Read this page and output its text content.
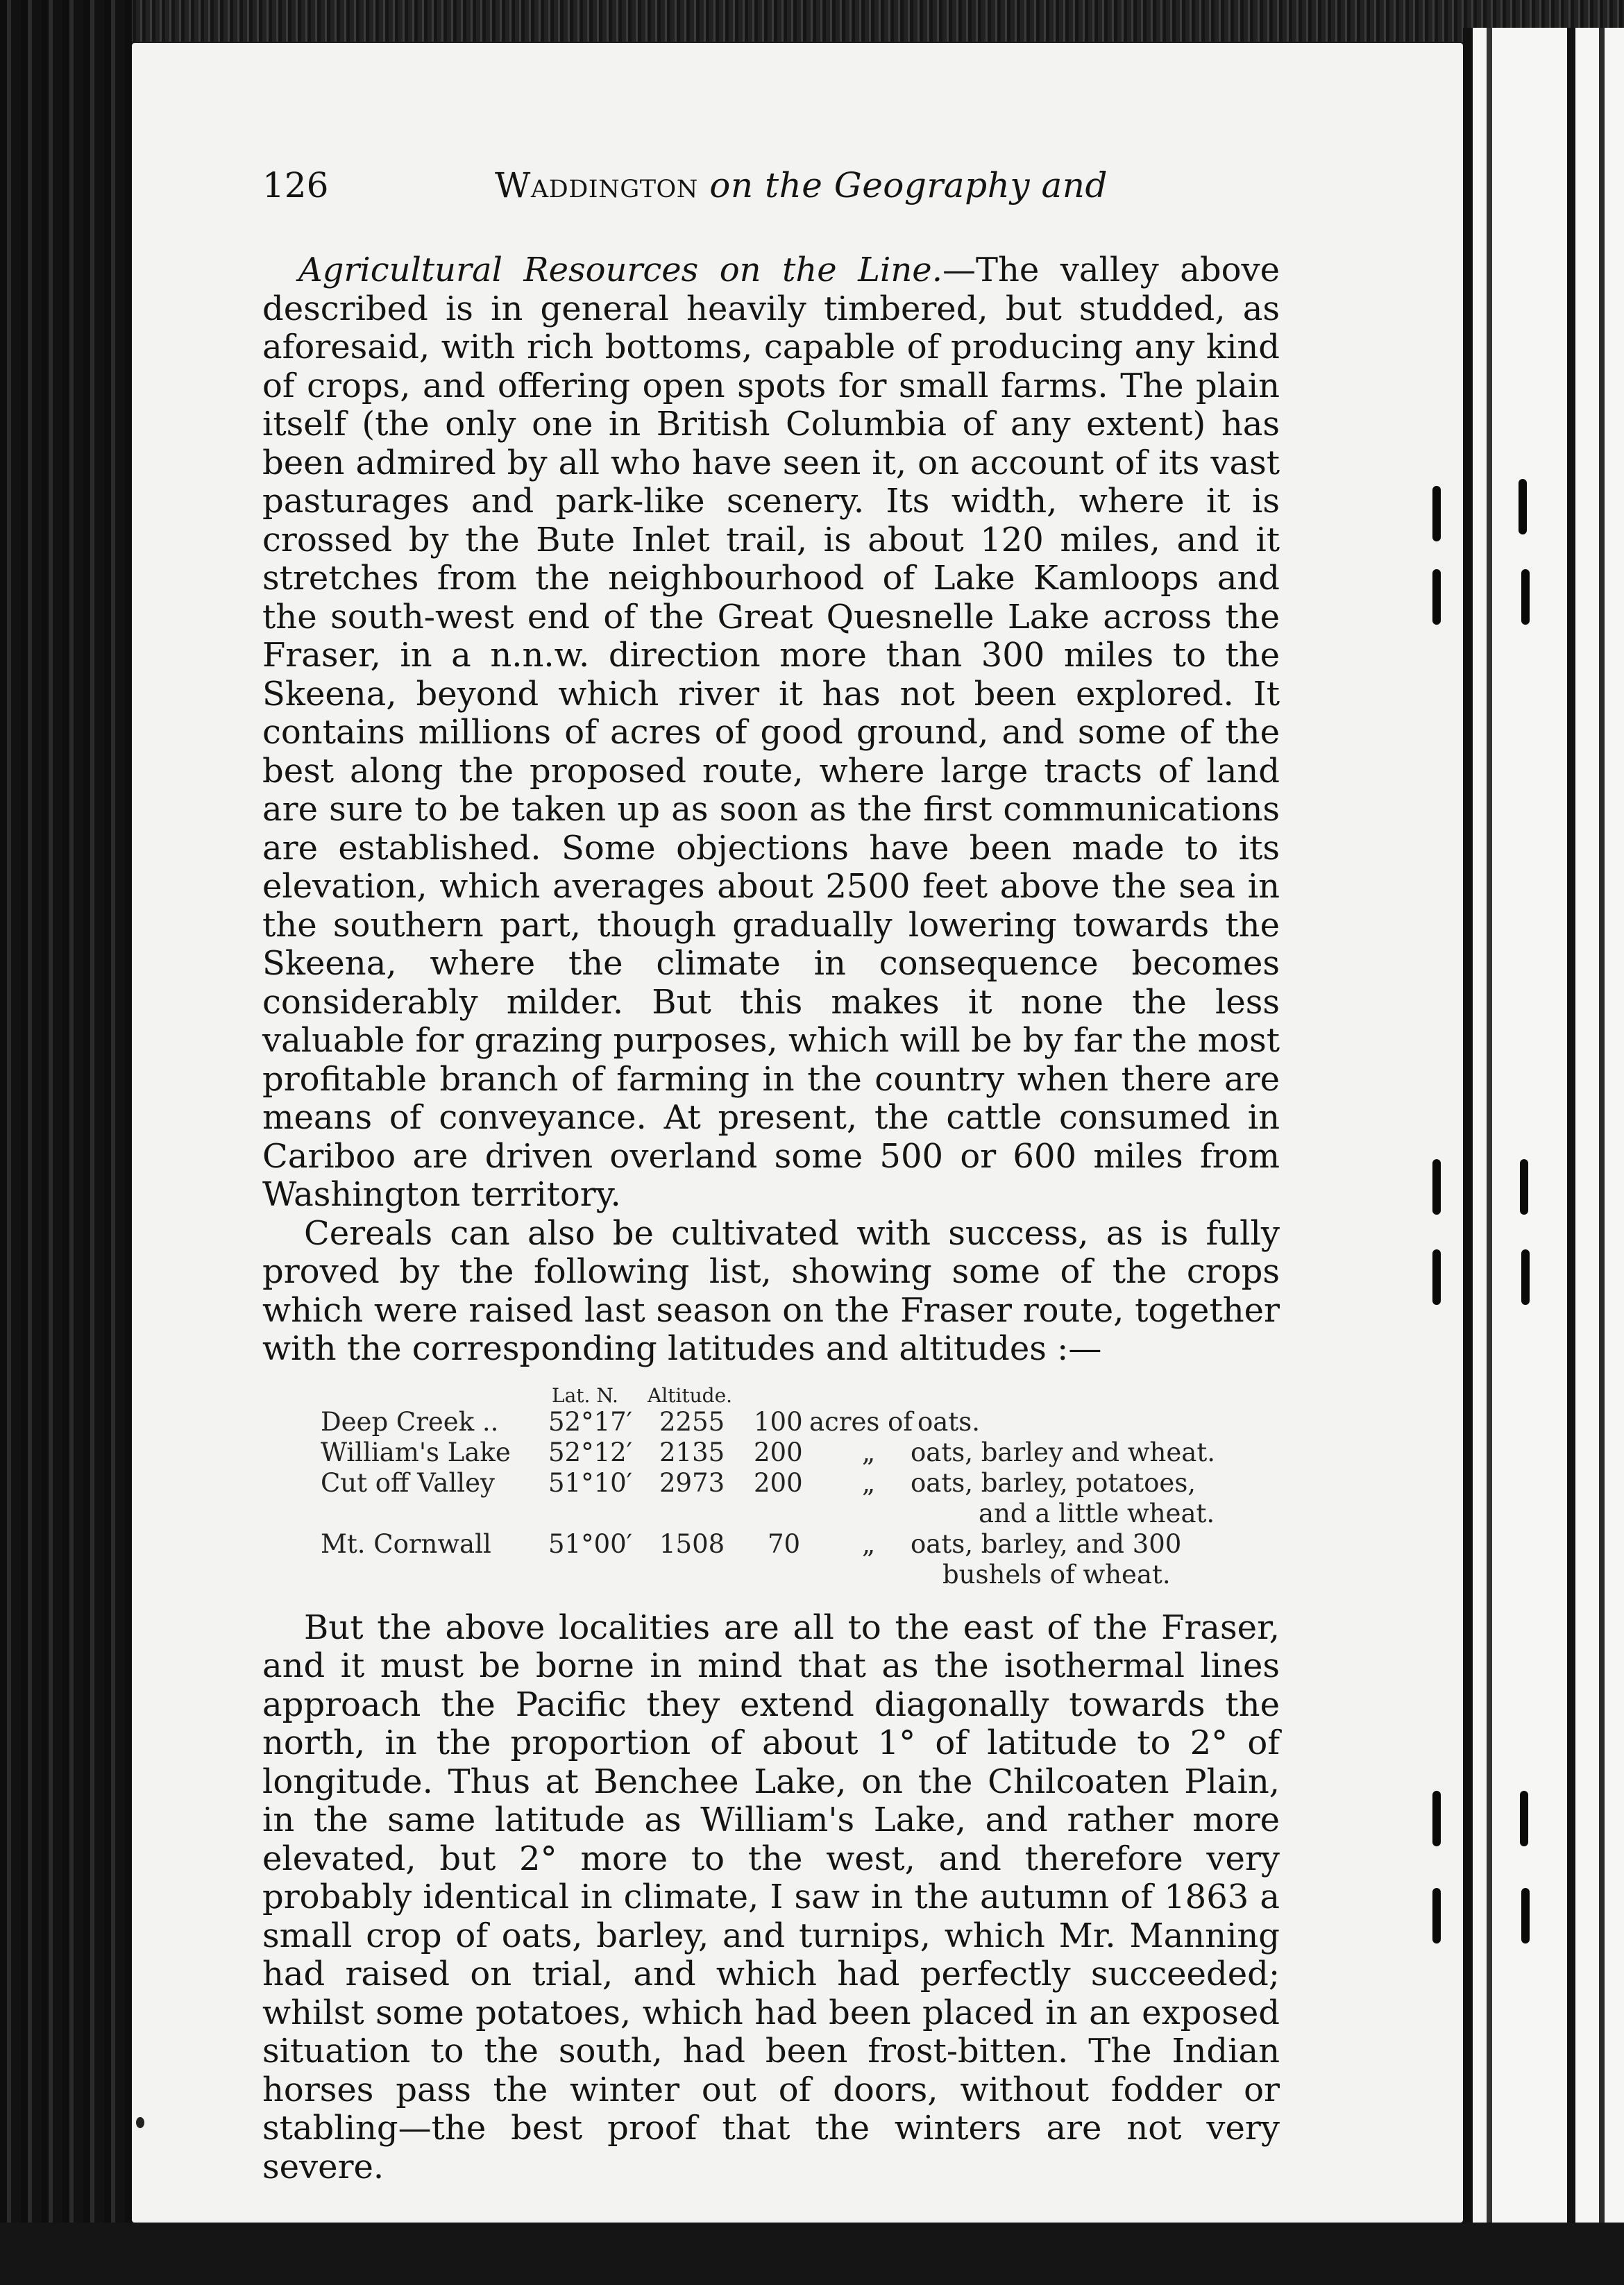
126	Waddington on the Geography and

Agricultural Resources on the Line.—The valley above described is in general heavily timbered, but studded, as aforesaid, with rich bottoms, capable of producing any kind of crops, and offering open spots for small farms. The plain itself (the only one in British Columbia of any extent) has been admired by all who have seen it, on account of its vast pasturages and park-like scenery. Its width, where it is crossed by the Bute Inlet trail, is about 120 miles, and it stretches from the neighbourhood of Lake Kamloops and the south-west end of the Great Quesnelle Lake across the Fraser, in a n.n.w. direction more than 300 miles to the Skeena, beyond which river it has not been explored. It contains millions of acres of good ground, and some of the best along the proposed route, where large tracts of land are sure to be taken up as soon as the first communications are established. Some objections have been made to its elevation, which averages about 2500 feet above the sea in the southern part, though gradually lowering towards the Skeena, where the climate in consequence becomes considerably milder. But this makes it none the less valuable for grazing purposes, which will be by far the most profitable branch of farming in the country when there are means of conveyance. At present, the cattle consumed in Cariboo are driven overland some 500 or 600 miles from Washington territory.

Cereals can also be cultivated with success, as is fully proved by the following list, showing some of the crops which were raised last season on the Fraser route, together with the corresponding latitudes and altitudes :—

Lat. N. Altitude.
Deep Creek .. 52°17′ 2255 100 acres of oats.
William's Lake 52°12′ 2135 200 „ oats, barley and wheat.
Cut off Valley 51°10′ 2973 200 „ oats, barley, potatoes,
and a little wheat.
Mt. Cornwall 51°00′ 1508 70 „ oats, barley, and 300
bushels of wheat.

But the above localities are all to the east of the Fraser, and it must be borne in mind that as the isothermal lines approach the Pacific they extend diagonally towards the north, in the proportion of about 1° of latitude to 2° of longitude. Thus at Benchee Lake, on the Chilcoaten Plain, in the same latitude as William's Lake, and rather more elevated, but 2° more to the west, and therefore very probably identical in climate, I saw in the autumn of 1863 a small crop of oats, barley, and turnips, which Mr. Manning had raised on trial, and which had perfectly succeeded; whilst some potatoes, which had been placed in an exposed situation to the south, had been frost-bitten. The Indian horses pass the winter out of doors, without fodder or stabling—the best proof that the winters are not very severe.
